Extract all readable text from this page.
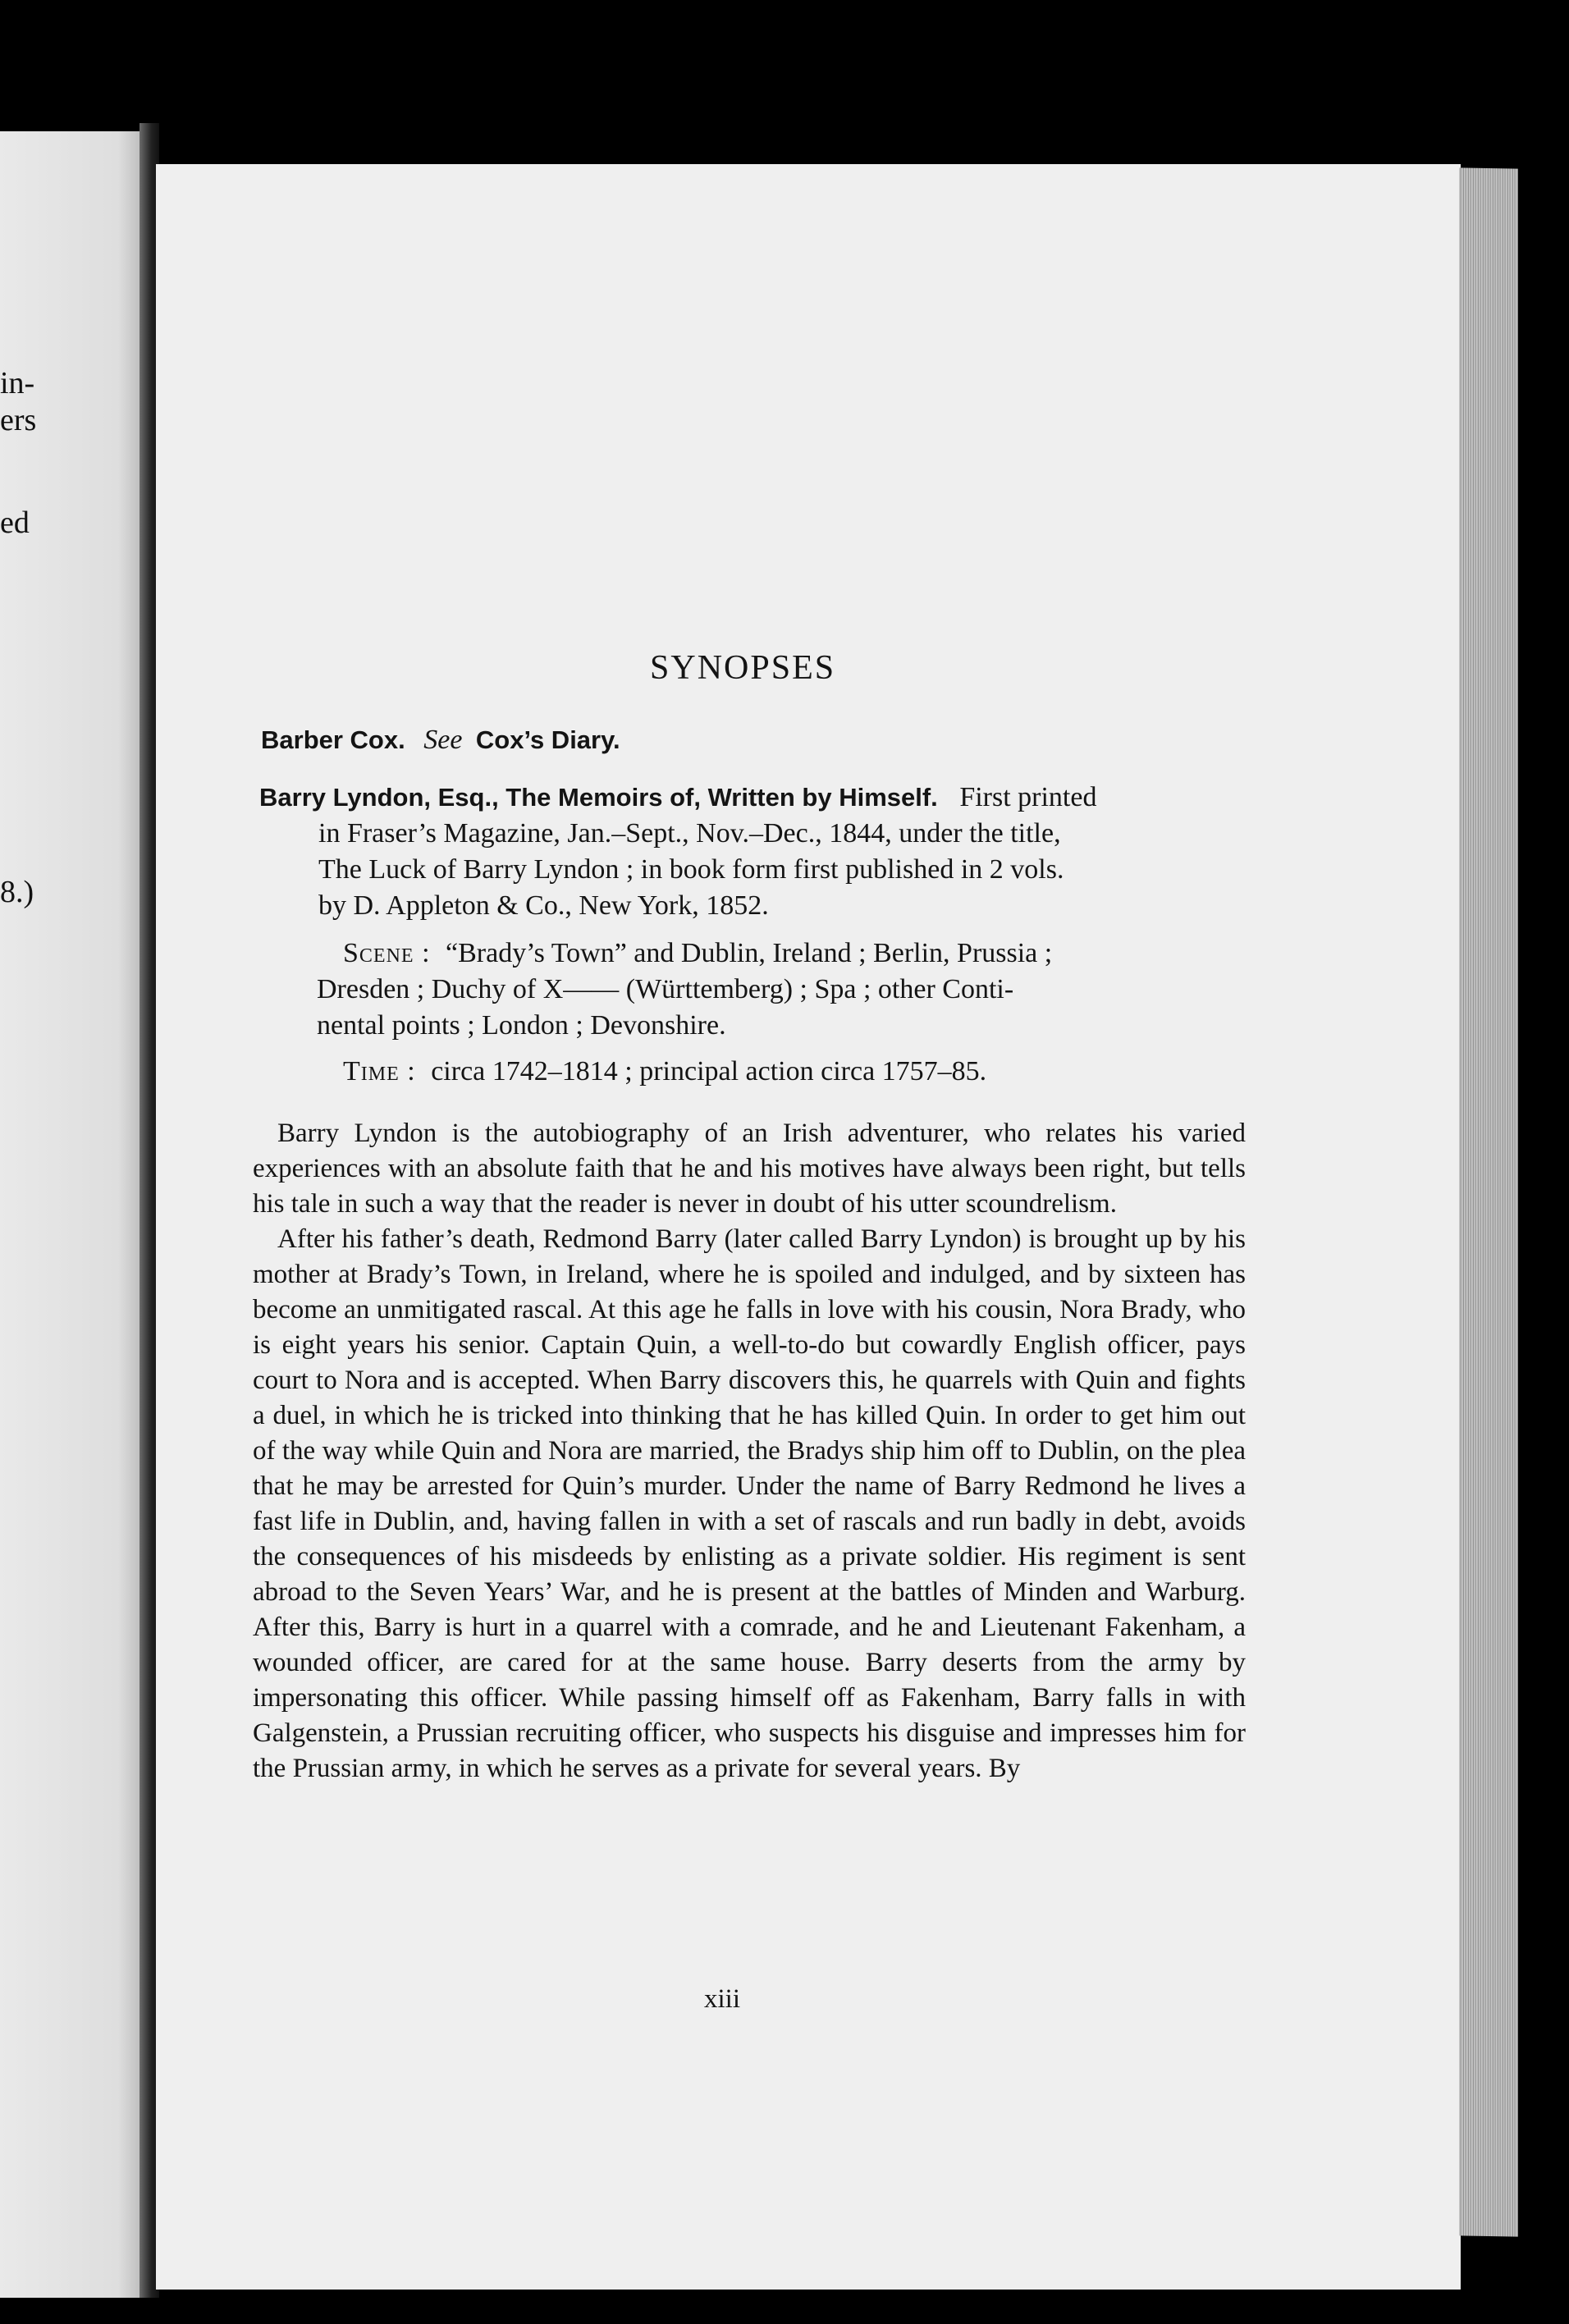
in-
ers
ed
8.)
SYNOPSES
Barber Cox. See Cox’s Diary.
Barry Lyndon, Esq., The Memoirs of, Written by Himself. First printed
in Fraser’s Magazine, Jan.–Sept., Nov.–Dec., 1844, under the title,
The Luck of Barry Lyndon ; in book form first published in 2 vols.
by D. Appleton & Co., New York, 1852.
Scene : “Brady’s Town” and Dublin, Ireland ; Berlin, Prussia ;
Dresden ; Duchy of X—— (Württemberg) ; Spa ; other Conti-
nental points ; London ; Devonshire.
Time : circa 1742–1814 ; principal action circa 1757–85.

Barry Lyndon is the autobiography of an Irish adventurer, who relates his varied experiences with an absolute faith that he and his motives have always been right, but tells his tale in such a way that the reader is never in doubt of his utter scoundrelism.

After his father’s death, Redmond Barry (later called Barry Lyndon) is brought up by his mother at Brady’s Town, in Ireland, where he is spoiled and indulged, and by sixteen has become an unmitigated rascal. At this age he falls in love with his cousin, Nora Brady, who is eight years his senior. Captain Quin, a well-to-do but cowardly English officer, pays court to Nora and is accepted. When Barry discovers this, he quarrels with Quin and fights a duel, in which he is tricked into thinking that he has killed Quin. In order to get him out of the way while Quin and Nora are married, the Bradys ship him off to Dublin, on the plea that he may be arrested for Quin’s murder. Under the name of Barry Redmond he lives a fast life in Dublin, and, having fallen in with a set of rascals and run badly in debt, avoids the consequences of his misdeeds by enlisting as a private soldier. His regiment is sent abroad to the Seven Years’ War, and he is present at the battles of Minden and Warburg. After this, Barry is hurt in a quarrel with a comrade, and he and Lieutenant Fakenham, a wounded officer, are cared for at the same house. Barry deserts from the army by impersonating this officer. While passing himself off as Fakenham, Barry falls in with Galgenstein, a Prussian recruiting officer, who suspects his disguise and impresses him for the Prussian army, in which he serves as a private for several years. By

xiii
